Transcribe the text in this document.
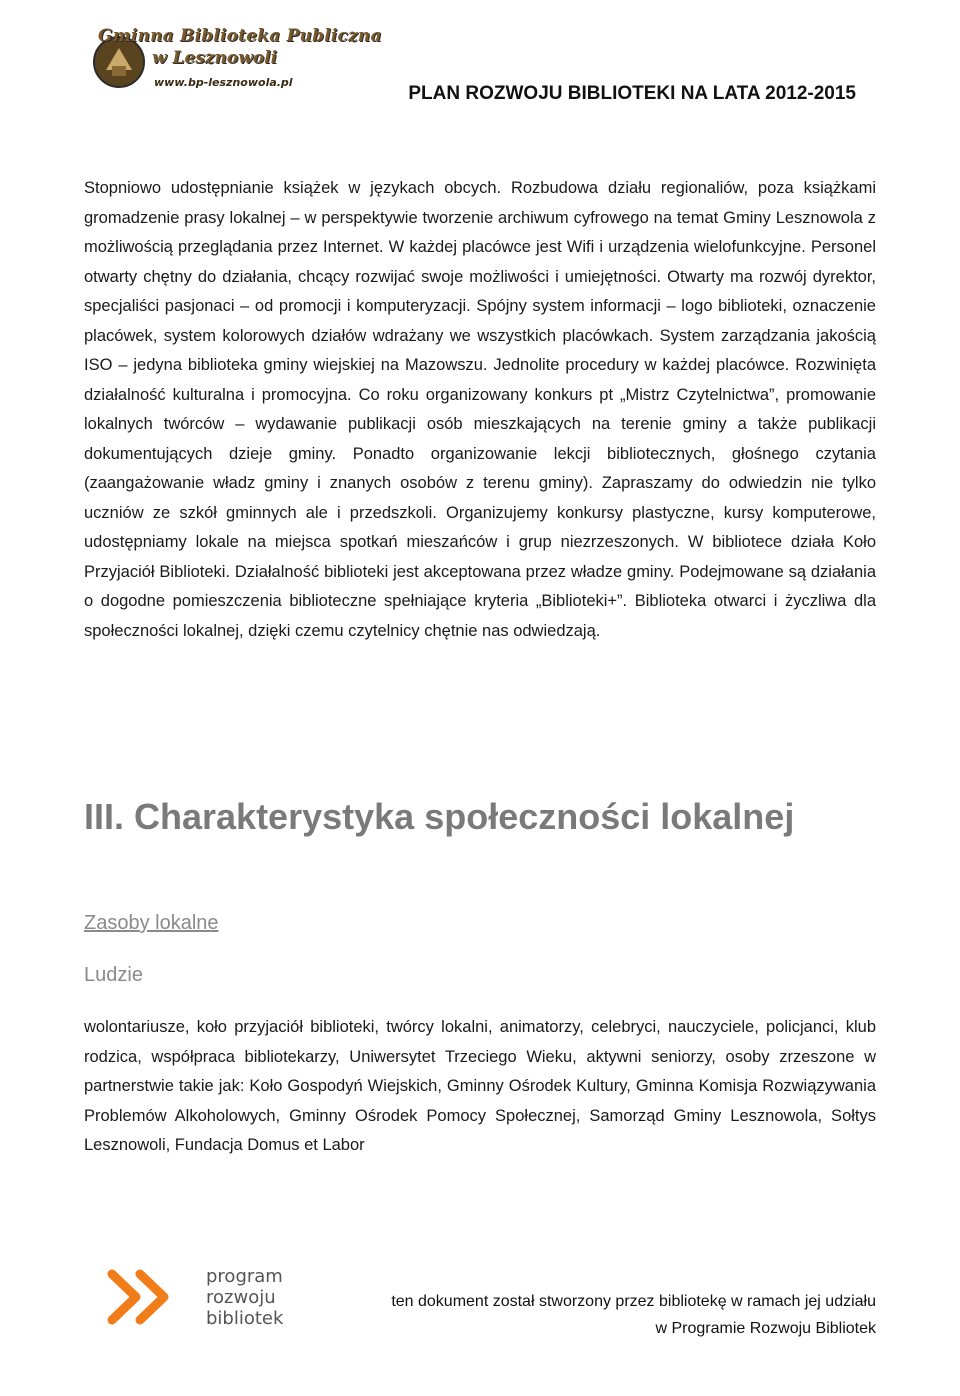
Gminna Biblioteka Publiczna
w Lesznowoli
www.bp-lesznowola.pl
PLAN ROZWOJU BIBLIOTEKI NA LATA 2012-2015

Stopniowo udostępnianie książek w językach obcych. Rozbudowa działu regionaliów, poza książkami gromadzenie prasy lokalnej – w perspektywie tworzenie archiwum cyfrowego na temat Gminy Lesznowola z możliwością przeglądania przez Internet. W każdej placówce jest Wifi i urządzenia wielofunkcyjne. Personel otwarty chętny do działania, chcący rozwijać swoje możliwości i umiejętności. Otwarty ma rozwój dyrektor, specjaliści pasjonaci – od promocji i komputeryzacji. Spójny system informacji – logo biblioteki, oznaczenie placówek, system kolorowych działów wdrażany we wszystkich placówkach. System zarządzania jakością ISO – jedyna biblioteka gminy wiejskiej na Mazowszu. Jednolite procedury w każdej placówce. Rozwinięta działalność kulturalna i promocyjna. Co roku organizowany konkurs pt „Mistrz Czytelnictwa”, promowanie lokalnych twórców – wydawanie publikacji osób mieszkających na terenie gminy a także publikacji dokumentujących dzieje gminy. Ponadto organizowanie lekcji bibliotecznych, głośnego czytania (zaangażowanie władz gminy i znanych osobów z terenu gminy). Zapraszamy do odwiedzin nie tylko uczniów ze szkół gminnych ale i przedszkoli. Organizujemy konkursy plastyczne, kursy komputerowe, udostępniamy lokale na miejsca spotkań mieszańców i grup niezrzeszonych. W bibliotece działa Koło Przyjaciół Biblioteki. Działalność biblioteki jest akceptowana przez władze gminy. Podejmowane są działania o dogodne pomieszczenia biblioteczne spełniające kryteria „Biblioteki+”. Biblioteka otwarci i życzliwa dla społeczności lokalnej, dzięki czemu czytelnicy chętnie nas odwiedzają.

III. Charakterystyka społeczności lokalnej
Zasoby lokalne
Ludzie

wolontariusze, koło przyjaciół biblioteki, twórcy lokalni, animatorzy, celebryci, nauczyciele, policjanci, klub rodzica, współpraca bibliotekarzy, Uniwersytet Trzeciego Wieku, aktywni seniorzy, osoby zrzeszone w partnerstwie takie jak: Koło Gospodyń Wiejskich, Gminny Ośrodek Kultury, Gminna Komisja Rozwiązywania Problemów Alkoholowych, Gminny Ośrodek Pomocy Społecznej, Samorząd Gminy Lesznowola, Sołtys Lesznowoli, Fundacja Domus et Labor

program
rozwoju
bibliotek
ten dokument został stworzony przez bibliotekę w ramach jej udziału
w Programie Rozwoju Bibliotek
